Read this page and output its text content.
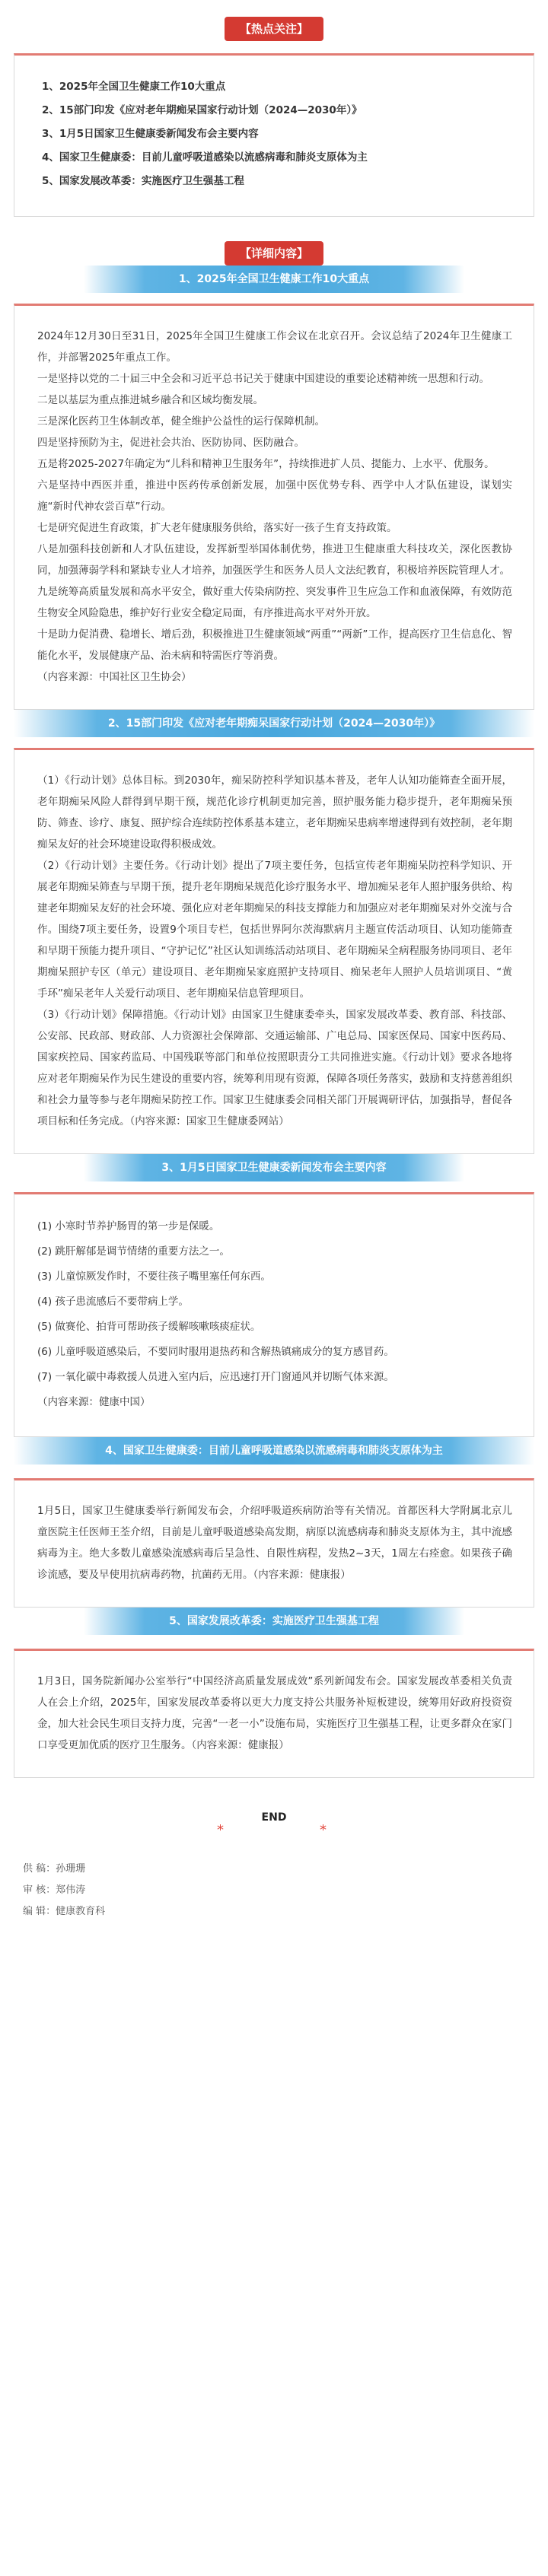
【热点关注】

1、2025年全国卫生健康工作10大重点

2、15部门印发《应对老年期痴呆国家行动计划（2024—2030年）》

3、1月5日国家卫生健康委新闻发布会主要内容

4、国家卫生健康委：目前儿童呼吸道感染以流感病毒和肺炎支原体为主

5、国家发展改革委：实施医疗卫生强基工程

【详细内容】
1、2025年全国卫生健康工作10大重点

2024年12月30日至31日，2025年全国卫生健康工作会议在北京召开。会议总结了2024年卫生健康工作，并部署2025年重点工作。

一是坚持以党的二十届三中全会和习近平总书记关于健康中国建设的重要论述精神统一思想和行动。

二是以基层为重点推进城乡融合和区域均衡发展。

三是深化医药卫生体制改革，健全维护公益性的运行保障机制。

四是坚持预防为主，促进社会共治、医防协同、医防融合。

五是将2025-2027年确定为“儿科和精神卫生服务年”，持续推进扩人员、提能力、上水平、优服务。

六是坚持中西医并重，推进中医药传承创新发展，加强中医优势专科、西学中人才队伍建设，谋划实施“新时代神农尝百草”行动。

七是研究促进生育政策，扩大老年健康服务供给，落实好一孩子生育支持政策。

八是加强科技创新和人才队伍建设，发挥新型举国体制优势，推进卫生健康重大科技攻关，深化医教协同，加强薄弱学科和紧缺专业人才培养，加强医学生和医务人员人文法纪教育，积极培养医院管理人才。

九是统筹高质量发展和高水平安全，做好重大传染病防控、突发事件卫生应急工作和血液保障，有效防范生物安全风险隐患，维护好行业安全稳定局面，有序推进高水平对外开放。

十是助力促消费、稳增长、增后劲，积极推进卫生健康领域“两重”“两新”工作，提高医疗卫生信息化、智能化水平，发展健康产品、治未病和特需医疗等消费。

（内容来源：中国社区卫生协会）

2、15部门印发《应对老年期痴呆国家行动计划（2024—2030年）》

（1）《行动计划》总体目标。到2030年，痴呆防控科学知识基本普及，老年人认知功能筛查全面开展，老年期痴呆风险人群得到早期干预，规范化诊疗机制更加完善，照护服务能力稳步提升，老年期痴呆预防、筛查、诊疗、康复、照护综合连续防控体系基本建立，老年期痴呆患病率增速得到有效控制，老年期痴呆友好的社会环境建设取得积极成效。

（2）《行动计划》主要任务。《行动计划》提出了7项主要任务，包括宣传老年期痴呆防控科学知识、开展老年期痴呆筛查与早期干预，提升老年期痴呆规范化诊疗服务水平、增加痴呆老年人照护服务供给、构建老年期痴呆友好的社会环境、强化应对老年期痴呆的科技支撑能力和加强应对老年期痴呆对外交流与合作。围绕7项主要任务，设置9个项目专栏，包括世界阿尔茨海默病月主题宣传活动项目、认知功能筛查和早期干预能力提升项目、“守护记忆”社区认知训练活动站项目、老年期痴呆全病程服务协同项目、老年期痴呆照护专区（单元）建设项目、老年期痴呆家庭照护支持项目、痴呆老年人照护人员培训项目、“黄手环”痴呆老年人关爱行动项目、老年期痴呆信息管理项目。

（3）《行动计划》保障措施。《行动计划》由国家卫生健康委牵头，国家发展改革委、教育部、科技部、公安部、民政部、财政部、人力资源社会保障部、交通运输部、广电总局、国家医保局、国家中医药局、国家疾控局、国家药监局、中国残联等部门和单位按照职责分工共同推进实施。《行动计划》要求各地将应对老年期痴呆作为民生建设的重要内容，统筹利用现有资源，保障各项任务落实，鼓励和支持慈善组织和社会力量等参与老年期痴呆防控工作。国家卫生健康委会同相关部门开展调研评估，加强指导，督促各项目标和任务完成。（内容来源：国家卫生健康委网站）

3、1月5日国家卫生健康委新闻发布会主要内容

(1) 小寒时节养护肠胃的第一步是保暖。

(2) 跳肝解郁是调节情绪的重要方法之一。

(3) 儿童惊厥发作时，不要往孩子嘴里塞任何东西。

(4) 孩子患流感后不要带病上学。

(5) 做赛伦、拍背可帮助孩子缓解咳嗽咳痰症状。

(6) 儿童呼吸道感染后，不要同时服用退热药和含解热镇痛成分的复方感冒药。

(7) 一氧化碳中毒救援人员进入室内后，应迅速打开门窗通风并切断气体来源。

（内容来源：健康中国）

4、国家卫生健康委：目前儿童呼吸道感染以流感病毒和肺炎支原体为主

1月5日，国家卫生健康委举行新闻发布会，介绍呼吸道疾病防治等有关情况。首都医科大学附属北京儿童医院主任医师王荃介绍，目前是儿童呼吸道感染高发期，病原以流感病毒和肺炎支原体为主，其中流感病毒为主。绝大多数儿童感染流感病毒后呈急性、自限性病程，发热2~3天，1周左右痊愈。如果孩子确诊流感，要及早使用抗病毒药物，抗菌药无用。（内容来源：健康报）

5、国家发展改革委：实施医疗卫生强基工程

1月3日，国务院新闻办公室举行“中国经济高质量发展成效”系列新闻发布会。国家发展改革委相关负责人在会上介绍，2025年，国家发展改革委将以更大力度支持公共服务补短板建设，统筹用好政府投资资金，加大社会民生项目支持力度，完善“一老一小”设施布局，实施医疗卫生强基工程，让更多群众在家门口享受更加优质的医疗卫生服务。（内容来源：健康报）

*
END
*

供 稿：孙珊珊

审 核：郑伟涛

编 辑：健康教育科
